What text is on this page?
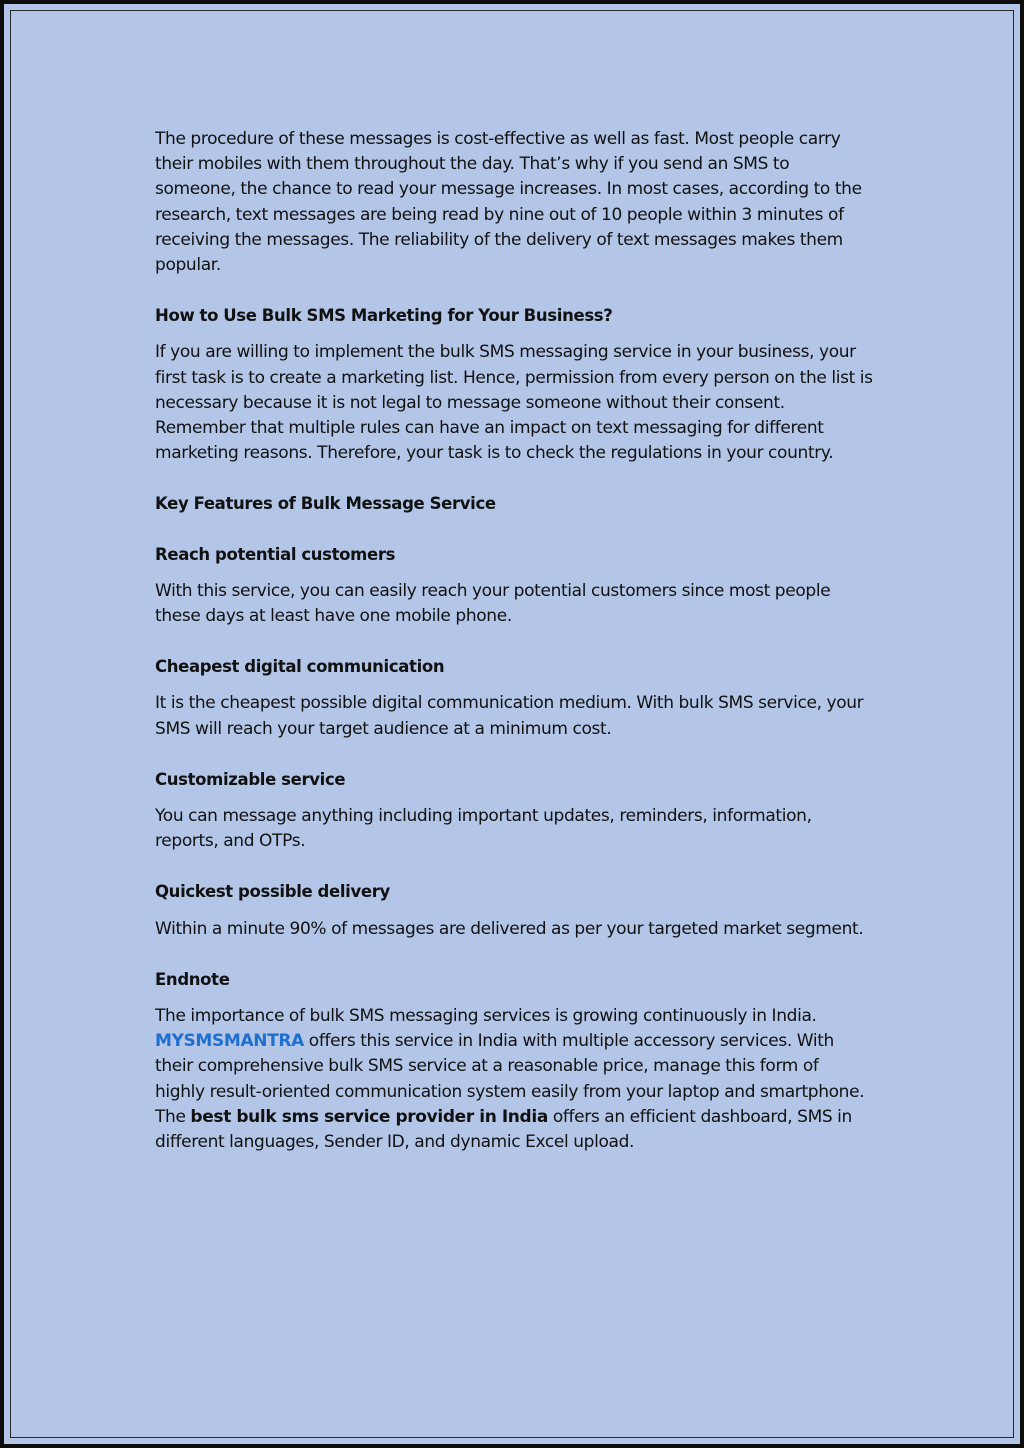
The procedure of these messages is cost-effective as well as fast. Most people carry their mobiles with them throughout the day. That’s why if you send an SMS to someone, the chance to read your message increases. In most cases, according to the research, text messages are being read by nine out of 10 people within 3 minutes of receiving the messages. The reliability of the delivery of text messages makes them popular.

How to Use Bulk SMS Marketing for Your Business?

If you are willing to implement the bulk SMS messaging service in your business, your first task is to create a marketing list. Hence, permission from every person on the list is necessary because it is not legal to message someone without their consent. Remember that multiple rules can have an impact on text messaging for different marketing reasons. Therefore, your task is to check the regulations in your country.

Key Features of Bulk Message Service

Reach potential customers

With this service, you can easily reach your potential customers since most people these days at least have one mobile phone.

Cheapest digital communication

It is the cheapest possible digital communication medium. With bulk SMS service, your SMS will reach your target audience at a minimum cost.

Customizable service

You can message anything including important updates, reminders, information, reports, and OTPs.

Quickest possible delivery

Within a minute 90% of messages are delivered as per your targeted market segment.

Endnote

The importance of bulk SMS messaging services is growing continuously in India. MYSMSMANTRA offers this service in India with multiple accessory services. With their comprehensive bulk SMS service at a reasonable price, manage this form of highly result-oriented communication system easily from your laptop and smartphone. The best bulk sms service provider in India offers an efficient dashboard, SMS in different languages, Sender ID, and dynamic Excel upload.
